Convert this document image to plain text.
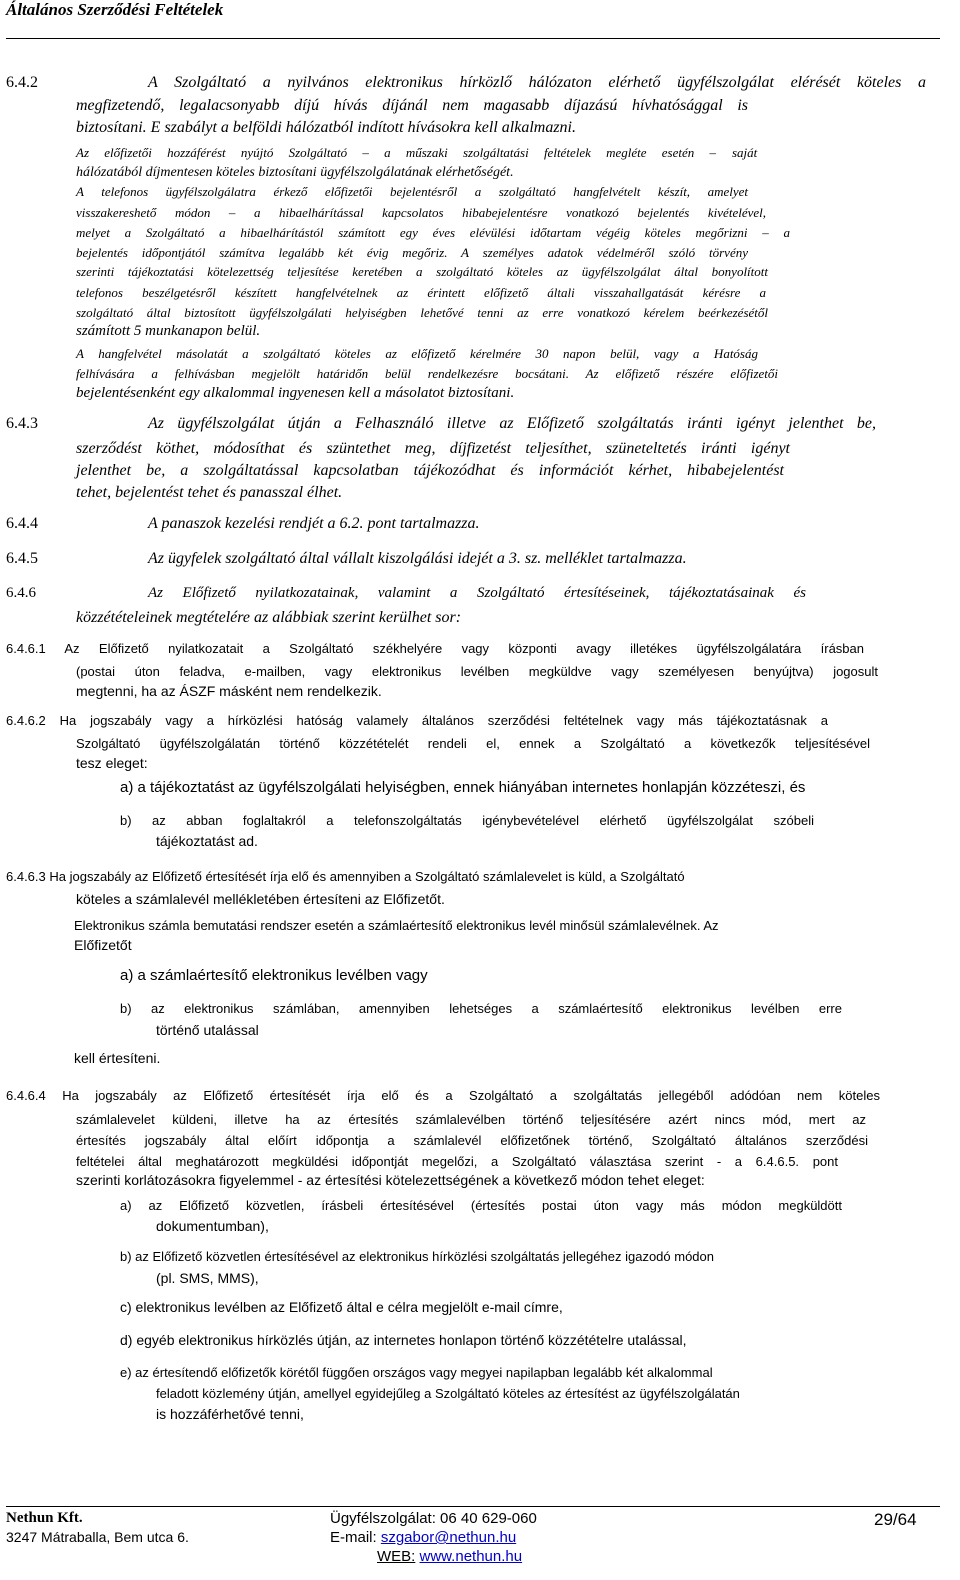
Általános Szerződési Feltételek
6.4.2	A Szolgáltató a nyilvános elektronikus hírközlő hálózaton elérhető ügyfélszolgálat elérését köteles a
megfizetendő, legalacsonyabb díjú hívás díjánál nem magasabb díjazású hívhatósággal is
biztosítani. E szabályt a belföldi hálózatból indított hívásokra kell alkalmazni.
Az előfizetői hozzáférést nyújtó Szolgáltató – a műszaki szolgáltatási feltételek megléte esetén – saját
hálózatából díjmentesen köteles biztosítani ügyfélszolgálatának elérhetőségét.
A telefonos ügyfélszolgálatra érkező előfizetői bejelentésről a szolgáltató hangfelvételt készít, amelyet
visszakereshető módon – a hibaelhárítással kapcsolatos hibabejelentésre vonatkozó bejelentés kivételével,
melyet a Szolgáltató a hibaelhárítástól számított egy éves elévülési időtartam végéig köteles megőrizni – a
bejelentés időpontjától számítva legalább két évig megőriz. A személyes adatok védelméről szóló törvény
szerinti tájékoztatási kötelezettség teljesítése keretében a szolgáltató köteles az ügyfélszolgálat által bonyolított
telefonos beszélgetésről készített hangfelvételnek az érintett előfizető általi visszahallgatását kérésre a
szolgáltató által biztosított ügyfélszolgálati helyiségben lehetővé tenni az erre vonatkozó kérelem beérkezésétől
számított 5 munkanapon belül.
A hangfelvétel másolatát a szolgáltató köteles az előfizető kérelmére 30 napon belül, vagy a Hatóság
felhívására a felhívásban megjelölt határidőn belül rendelkezésre bocsátani. Az előfizető részére előfizetői
bejelentésenként egy alkalommal ingyenesen kell a másolatot biztosítani.
6.4.3	Az ügyfélszolgálat útján a Felhasználó illetve az Előfizető szolgáltatás iránti igényt jelenthet be,
szerződést köthet, módosíthat és szüntethet meg, díjfizetést teljesíthet, szüneteltetés iránti igényt
jelenthet be, a szolgáltatással kapcsolatban tájékozódhat és információt kérhet, hibabejelentést
tehet, bejelentést tehet és panasszal élhet.
6.4.4	A panaszok kezelési rendjét a 6.2. pont tartalmazza.
6.4.5	Az ügyfelek szolgáltató által vállalt kiszolgálási idejét a 3. sz. melléklet tartalmazza.
6.4.6	Az Előfizető nyilatkozatainak, valamint a Szolgáltató értesítéseinek, tájékoztatásainak és
közzétételeinek megtételére az alábbiak szerint kerülhet sor:
6.4.6.1 Az Előfizető nyilatkozatait a Szolgáltató székhelyére vagy központi avagy illetékes ügyfélszolgálatára írásban
(postai úton feladva, e-mailben, vagy elektronikus levélben megküldve vagy személyesen benyújtva) jogosult
megtenni, ha az ÁSZF másként nem rendelkezik.
6.4.6.2 Ha jogszabály vagy a hírközlési hatóság valamely általános szerződési feltételnek vagy más tájékoztatásnak a
Szolgáltató ügyfélszolgálatán történő közzétételét rendeli el, ennek a Szolgáltató a következők teljesítésével
tesz eleget:
a) a tájékoztatást az ügyfélszolgálati helyiségben, ennek hiányában internetes honlapján közzéteszi, és
b) az abban foglaltakról a telefonszolgáltatás igénybevételével elérhető ügyfélszolgálat szóbeli
tájékoztatást ad.
6.4.6.3 Ha jogszabály az Előfizető értesítését írja elő és amennyiben a Szolgáltató számlalevelet is küld, a Szolgáltató
köteles a számlalevél mellékletében értesíteni az Előfizetőt.
Elektronikus számla bemutatási rendszer esetén a számlaértesítő elektronikus levél minősül számlalevélnek. Az
Előfizetőt
a) a számlaértesítő elektronikus levélben vagy
b) az elektronikus számlában, amennyiben lehetséges a számlaértesítő elektronikus levélben erre
történő utalással
kell értesíteni.
6.4.6.4 Ha jogszabály az Előfizető értesítését írja elő és a Szolgáltató a szolgáltatás jellegéből adódóan nem köteles
számlalevelet küldeni, illetve ha az értesítés számlalevélben történő teljesítésére azért nincs mód, mert az
értesítés jogszabály által előírt időpontja a számlalevél előfizetőnek történő, Szolgáltató általános szerződési
feltételei által meghatározott megküldési időpontját megelőzi, a Szolgáltató választása szerint - a 6.4.6.5. pont
szerinti korlátozásokra figyelemmel - az értesítési kötelezettségének a következő módon tehet eleget:
a) az Előfizető közvetlen, írásbeli értesítésével (értesítés postai úton vagy más módon megküldött
dokumentumban),
b) az Előfizető közvetlen értesítésével az elektronikus hírközlési szolgáltatás jellegéhez igazodó módon
(pl. SMS, MMS),
c) elektronikus levélben az Előfizető által e célra megjelölt e-mail címre,
d) egyéb elektronikus hírközlés útján, az internetes honlapon történő közzétételre utalással,
e) az értesítendő előfizetők körétől függően országos vagy megyei napilapban legalább két alkalommal
feladott közlemény útján, amellyel egyidejűleg a Szolgáltató köteles az értesítést az ügyfélszolgálatán
is hozzáférhetővé tenni,
Nethun Kft.
3247 Mátraballa, Bem utca 6.
Ügyfélszolgálat: 06 40 629-060
E-mail: szgabor@nethun.hu
WEB: www.nethun.hu
29/64
